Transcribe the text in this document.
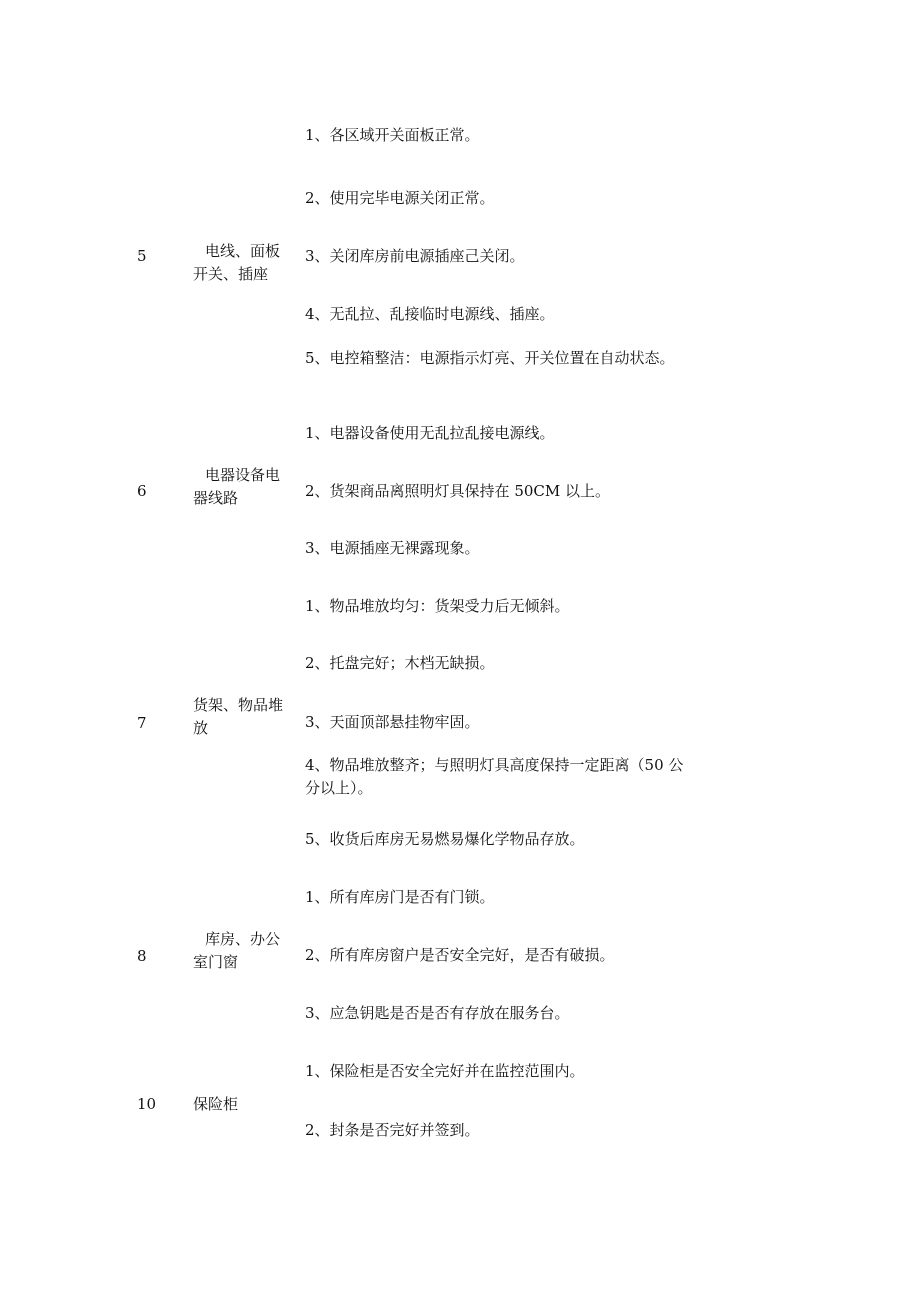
5	电线、面板开关、插座

1、各区域开关面板正常。

2、使用完毕电源关闭正常。

3、关闭库房前电源插座己关闭。

4、无乱拉、乱接临时电源线、插座。

5、电控箱整洁：电源指示灯亮、开关位置在自动状态。

6

电器设备电器线路

1、电器设备使用无乱拉乱接电源线。

2、货架商品离照明灯具保持在 50CM 以上。

3、电源插座无裸露现象。

7

货架、物品堆放

1、物品堆放均匀：货架受力后无倾斜。

2、托盘完好；木档无缺损。

3、天面顶部悬挂物牢固。

4、物品堆放整齐；与照明灯具高度保持一定距离（50 公分以上）。

5、收货后库房无易燃易爆化学物品存放。

8

库房、办公室门窗

1、所有库房门是否有门锁。

2、所有库房窗户是否安全完好，是否有破损。

3、应急钥匙是否是否有存放在服务台。

10 保险柜

1、保险柜是否安全完好并在监控范围内。

2、封条是否完好并签到。
